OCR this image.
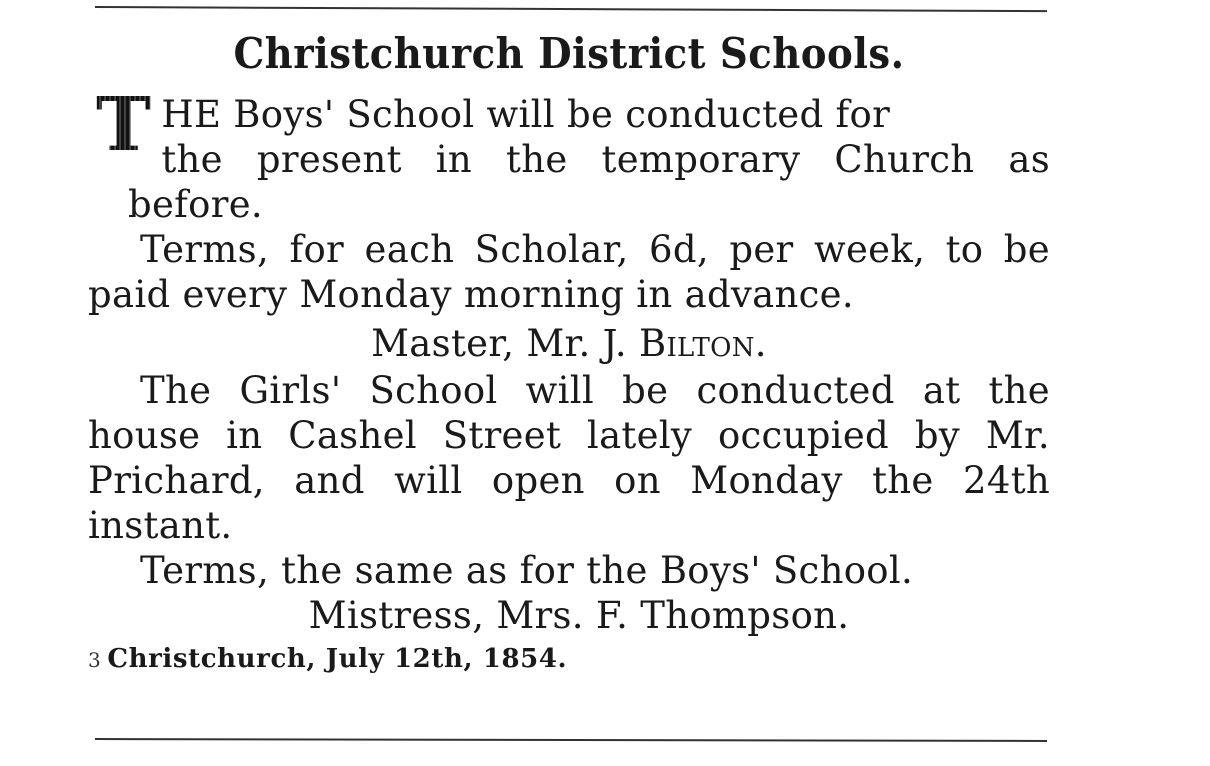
Christchurch District Schools.
T HE Boys' School will be conducted for
the present in the temporary Church as before.
Terms, for each Scholar, 6d, per week, to be paid every Monday morning in advance.
Master, Mr. J. Bilton.
The Girls' School will be conducted at the house in Cashel Street lately occupied by Mr. Prichard, and will open on Monday the 24th instant.
Terms, the same as for the Boys' School.
Mistress, Mrs. F. Thompson.
3 Christchurch, July 12th, 1854.
